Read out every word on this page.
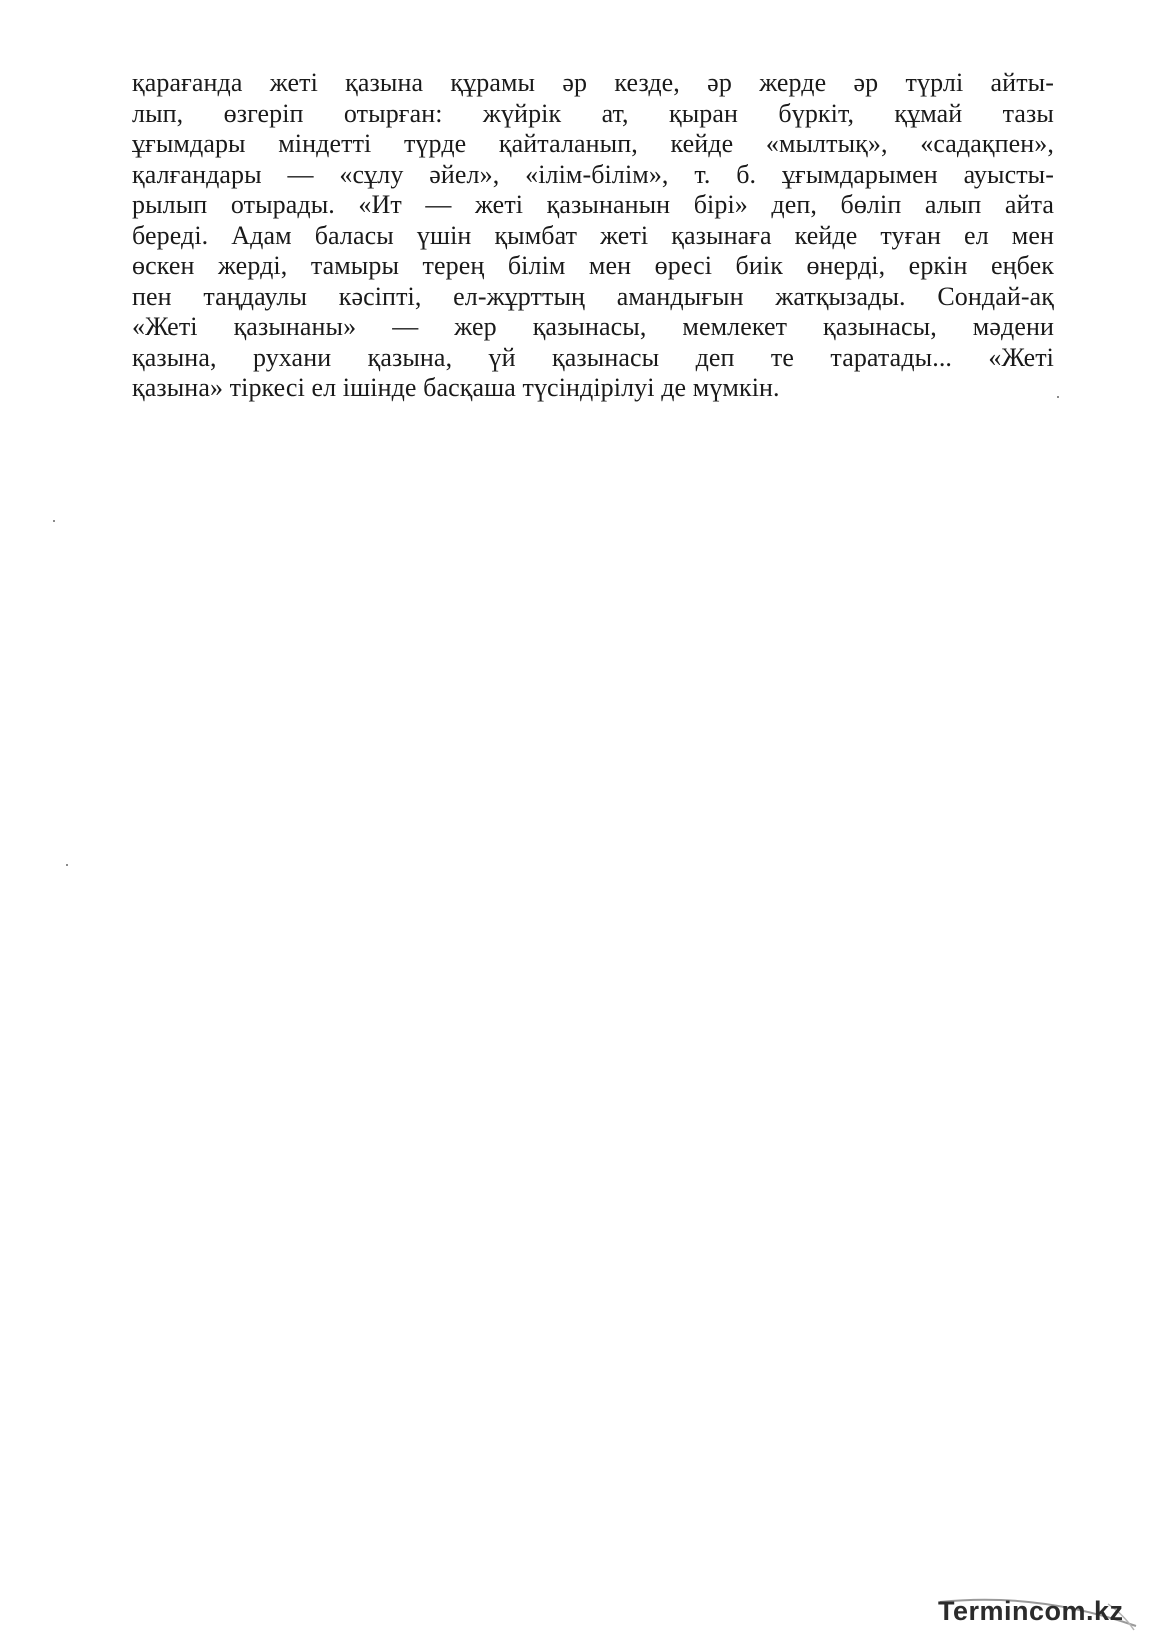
қарағанда жеті қазына құрамы әр кезде, әр жерде әр түрлі айты-
лып, өзгеріп отырған: жүйрік ат, қыран бүркіт, құмай тазы
ұғымдары міндетті түрде қайталанып, кейде «мылтық», «садақпен»,
қалғандары — «сұлу әйел», «ілім-білім», т. б. ұғымдарымен ауысты-
рылып отырады. «Ит — жеті қазынанын бірі» деп, бөліп алып айта
береді. Адам баласы үшін қымбат жеті қазынаға кейде туған ел мен
өскен жерді, тамыры терең білім мен өресі биік өнерді, еркін еңбек
пен таңдаулы кәсіпті, ел-жұрттың амандығын жатқызады. Сондай-ақ
«Жеті қазынаны» — жер қазынасы, мемлекет қазынасы, мәдени
қазына, рухани қазына, үй қазынасы деп те таратады... «Жеті
қазына» тіркесі ел ішінде басқаша түсіндірілуі де мүмкін.
Termincom.kz
